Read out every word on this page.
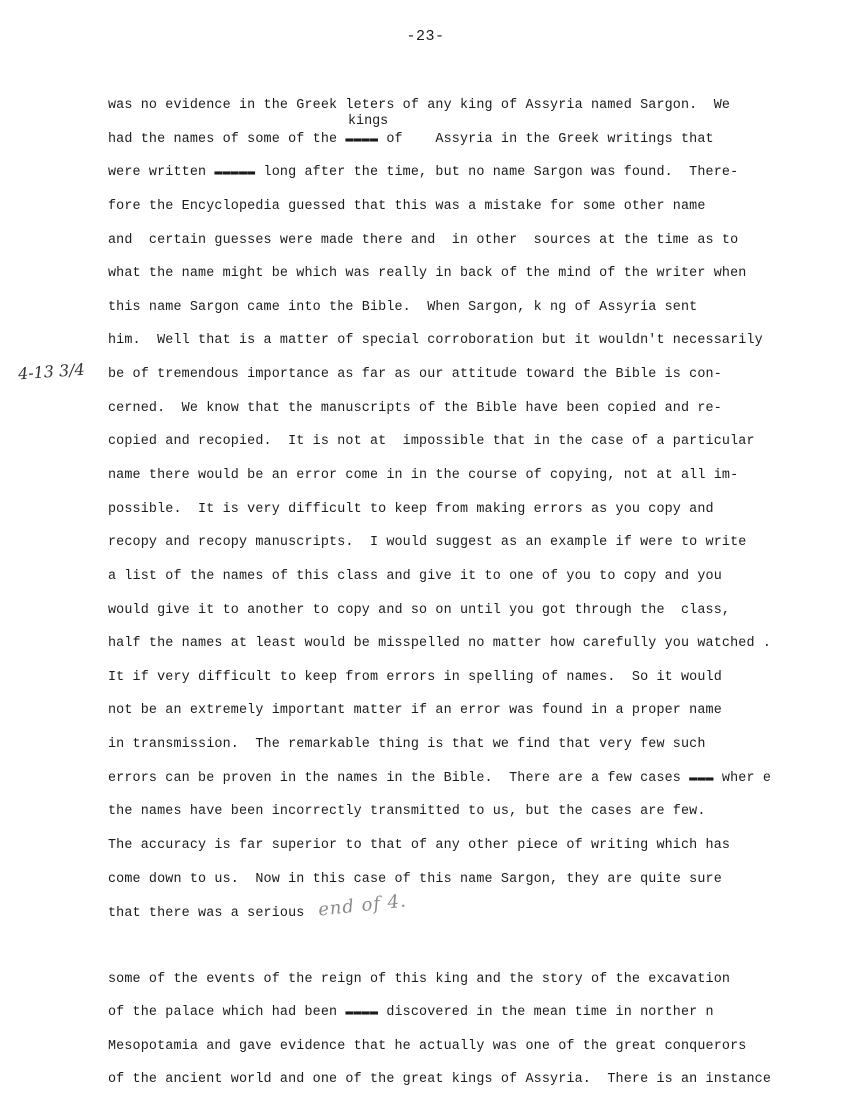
-23-
kings
4-13 3/4
was no evidence in the Greek leters of any king of Assyria named Sargon.  We
had the names of some of the ▬▬▬▬ of    Assyria in the Greek writings that
were written ▬▬▬▬▬ long after the time, but no name Sargon was found.  There-
fore the Encyclopedia guessed that this was a mistake for some other name
and  certain guesses were made there and  in other  sources at the time as to
what the name might be which was really in back of the mind of the writer when
this name Sargon came into the Bible.  When Sargon, k ng of Assyria sent
him.  Well that is a matter of special corroboration but it wouldn't necessarily
be of tremendous importance as far as our attitude toward the Bible is con-
cerned.  We know that the manuscripts of the Bible have been copied and re-
copied and recopied.  It is not at  impossible that in the case of a particular
name there would be an error come in in the course of copying, not at all im-
possible.  It is very difficult to keep from making errors as you copy and
recopy and recopy manuscripts.  I would suggest as an example if were to write
a list of the names of this class and give it to one of you to copy and you
would give it to another to copy and so on until you got through the  class,
half the names at least would be misspelled no matter how carefully you watched .
It if very difficult to keep from errors in spelling of names.  So it would
not be an extremely important matter if an error was found in a proper name
in transmission.  The remarkable thing is that we find that very few such
errors can be proven in the names in the Bible.  There are a few cases ▬▬▬ wher e
the names have been incorrectly transmitted to us, but the cases are few.
The accuracy is far superior to that of any other piece of writing which has
come down to us.  Now in this case of this name Sargon, they are quite sure
that there was a serious end of 4.
some of the events of the reign of this king and the story of the excavation
of the palace which had been ▬▬▬▬ discovered in the mean time in norther n
Mesopotamia and gave evidence that he actually was one of the great conquerors
of the ancient world and one of the great kings of Assyria.  There is an instance
